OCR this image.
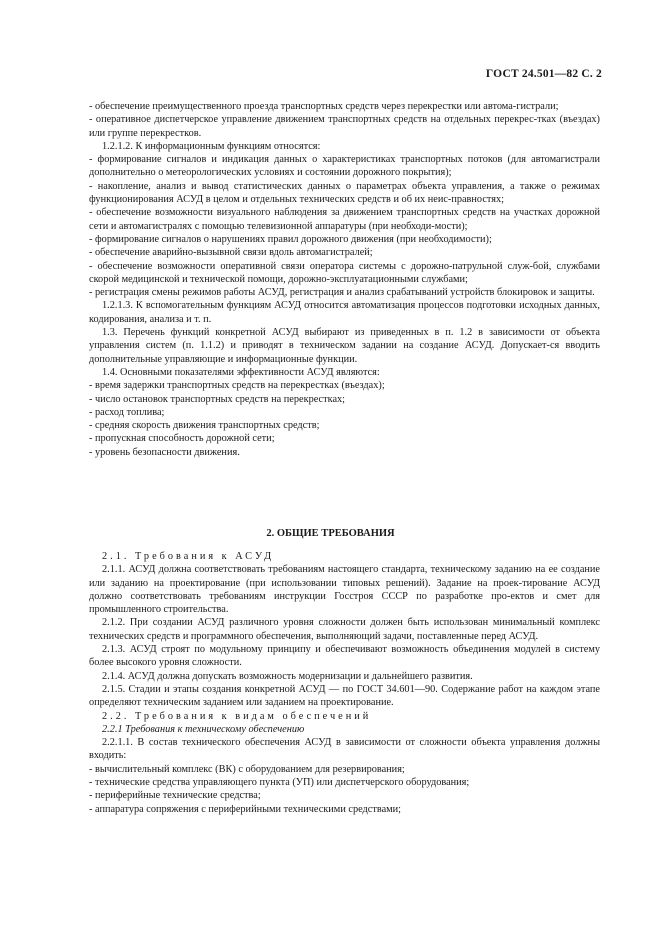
ГОСТ 24.501—82 С. 2

- обеспечение преимущественного проезда транспортных средств через перекрестки или автома-гистрали;

- оперативное диспетчерское управление движением транспортных средств на отдельных перекрес-тках (въездах) или группе перекрестков.

1.2.1.2. К информационным функциям относятся:

- формирование сигналов и индикация данных о характеристиках транспортных потоков (для автомагистрали дополнительно о метеорологических условиях и состоянии дорожного покрытия);

- накопление, анализ и вывод статистических данных о параметрах объекта управления, а также о режимах функционирования АСУД в целом и отдельных технических средств и об их неис-правностях;

- обеспечение возможности визуального наблюдения за движением транспортных средств на участках дорожной сети и автомагистралях с помощью телевизионной аппаратуры (при необходи-мости);

- формирование сигналов о нарушениях правил дорожного движения (при необходимости);

- обеспечение аварийно-вызывной связи вдоль автомагистралей;

- обеспечение возможности оперативной связи оператора системы с дорожно-патрульной служ-бой, службами скорой медицинской и технической помощи, дорожно-эксплуатационными службами;

- регистрация смены режимов работы АСУД, регистрация и анализ срабатываний устройств блокировок и защиты.

1.2.1.3. К вспомогательным функциям АСУД относится автоматизация процессов подготовки исходных данных, кодирования, анализа и т. п.

1.3. Перечень функций конкретной АСУД выбирают из приведенных в п. 1.2 в зависимости от объекта управления систем (п. 1.1.2) и приводят в техническом задании на создание АСУД. Допускает-ся вводить дополнительные управляющие и информационные функции.

1.4. Основными показателями эффективности АСУД являются:

- время задержки транспортных средств на перекрестках (въездах);

- число остановок транспортных средств на перекрестках;

- расход топлива;

- средняя скорость движения транспортных средств;

- пропускная способность дорожной сети;

- уровень безопасности движения.

2. ОБЩИЕ ТРЕБОВАНИЯ

2.1. Требования к АСУД

2.1.1. АСУД должна соответствовать требованиям настоящего стандарта, техническому заданию на ее создание или заданию на проектирование (при использовании типовых решений). Задание на проек-тирование АСУД должно соответствовать требованиям инструкции Госстроя СССР по разработке про-ектов и смет для промышленного строительства.

2.1.2. При создании АСУД различного уровня сложности должен быть использован минимальный комплекс технических средств и программного обеспечения, выполняющий задачи, поставленные перед АСУД.

2.1.3. АСУД строят по модульному принципу и обеспечивают возможность объединения модулей в систему более высокого уровня сложности.

2.1.4. АСУД должна допускать возможность модернизации и дальнейшего развития.

2.1.5. Стадии и этапы создания конкретной АСУД — по ГОСТ 34.601—90. Содержание работ на каждом этапе определяют техническим заданием или заданием на проектирование.

2.2. Требования к видам обеспечений

2.2.1 Требования к техническому обеспечению

2.2.1.1. В состав технического обеспечения АСУД в зависимости от сложности объекта управления должны входить:

- вычислительный комплекс (ВК) с оборудованием для резервирования;

- технические средства управляющего пункта (УП) или диспетчерского оборудования;

- периферийные технические средства;

- аппаратура сопряжения с периферийными техническими средствами;
